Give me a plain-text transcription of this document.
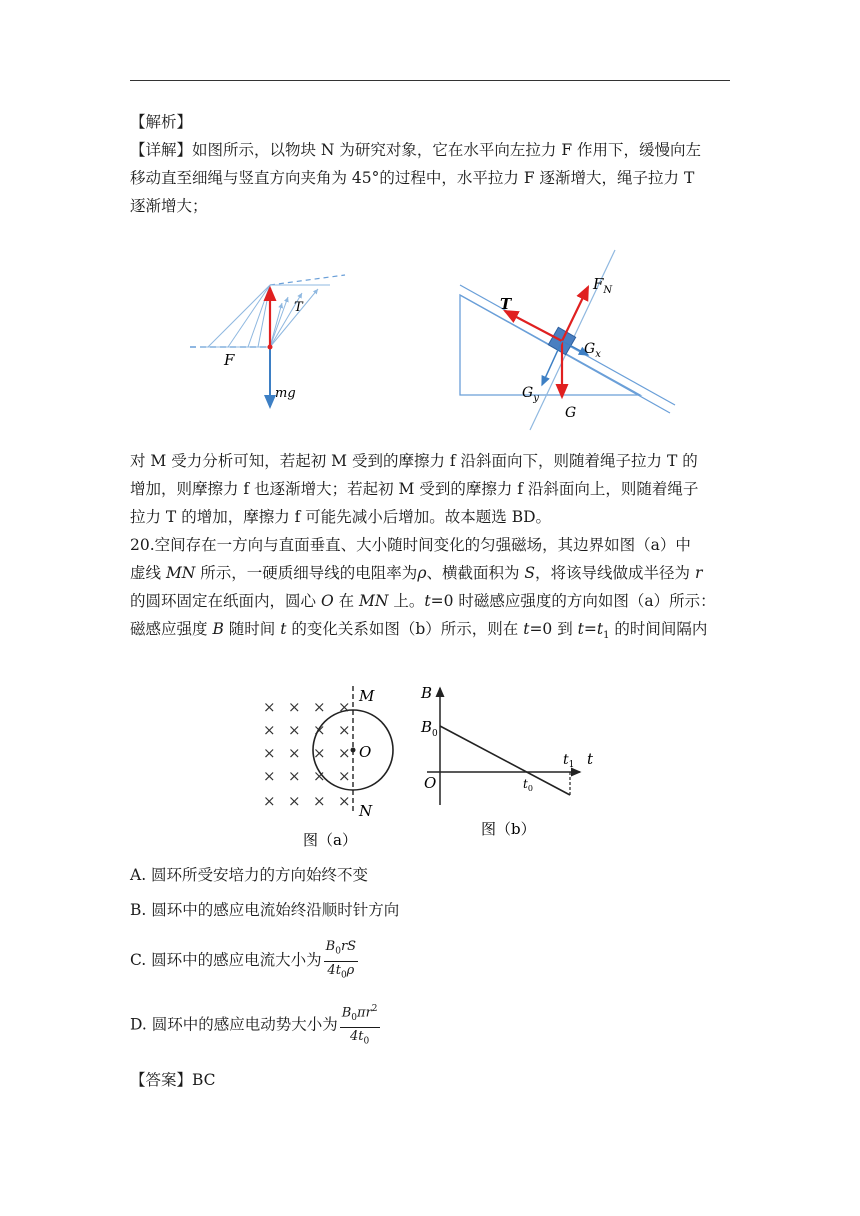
【解析】
【详解】如图所示，以物块 N 为研究对象，它在水平向左拉力 F 作用下，缓慢向左
移动直至细绳与竖直方向夹角为 45°的过程中，水平拉力 F 逐渐增大，绳子拉力 T
逐渐增大；
F
T
mg
T
$F_N$
$G_x$
$G_y$
G
对 M 受力分析可知，若起初 M 受到的摩擦力 f 沿斜面向下，则随着绳子拉力 T 的
增加，则摩擦力 f 也逐渐增大；若起初 M 受到的摩擦力 f 沿斜面向上，则随着绳子
拉力 T 的增加，摩擦力 f 可能先减小后增加。故本题选 BD。
20.空间存在一方向与直面垂直、大小随时间变化的匀强磁场，其边界如图（a）中
虚线 MN 所示，一硬质细导线的电阻率为ρ、横截面积为 S，将该导线做成半径为 r
的圆环固定在纸面内，圆心 O 在 MN 上。t=0 时磁感应强度的方向如图（a）所示：
磁感应强度 B 随时间 t 的变化关系如图（b）所示，则在 t=0 到 $t=t_1$ 的时间间隔内
× × × ×
× × × ×
× × × ×
× × × ×
× × × ×
M
N
O
图（a）
B
$B_0$
O
t
$t_0$
$t_1$
图（b）
A. 圆环所受安培力的方向始终不变
B. 圆环中的感应电流始终沿顺时针方向
C. 圆环中的感应电流大小为 $\frac{B_0rS}{4t_0\rho}$
D. 圆环中的感应电动势大小为 $\frac{B_0\pi r^2}{4t_0}$
【答案】BC
